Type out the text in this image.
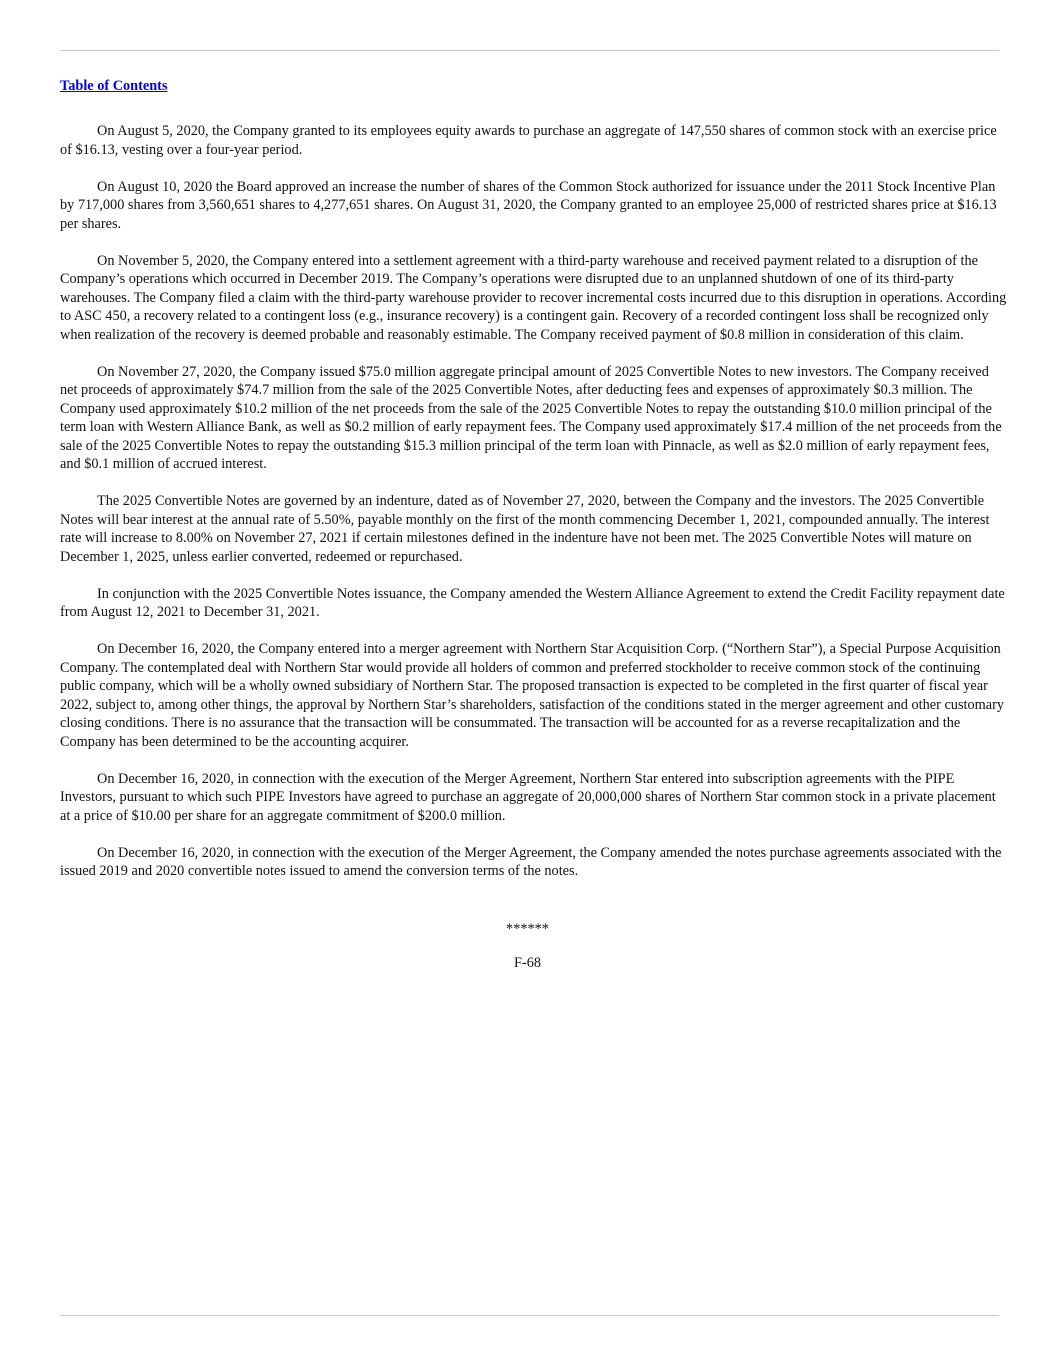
Table of Contents

On August 5, 2020, the Company granted to its employees equity awards to purchase an aggregate of 147,550 shares of common stock with an exercise price of $16.13, vesting over a four-year period.

On August 10, 2020 the Board approved an increase the number of shares of the Common Stock authorized for issuance under the 2011 Stock Incentive Plan by 717,000 shares from 3,560,651 shares to 4,277,651 shares. On August 31, 2020, the Company granted to an employee 25,000 of restricted shares price at $16.13 per shares.

On November 5, 2020, the Company entered into a settlement agreement with a third-party warehouse and received payment related to a disruption of the Company’s operations which occurred in December 2019. The Company’s operations were disrupted due to an unplanned shutdown of one of its third-party warehouses. The Company filed a claim with the third-party warehouse provider to recover incremental costs incurred due to this disruption in operations. According to ASC 450, a recovery related to a contingent loss (e.g., insurance recovery) is a contingent gain. Recovery of a recorded contingent loss shall be recognized only when realization of the recovery is deemed probable and reasonably estimable. The Company received payment of $0.8 million in consideration of this claim.

On November 27, 2020, the Company issued $75.0 million aggregate principal amount of 2025 Convertible Notes to new investors. The Company received net proceeds of approximately $74.7 million from the sale of the 2025 Convertible Notes, after deducting fees and expenses of approximately $0.3 million. The Company used approximately $10.2 million of the net proceeds from the sale of the 2025 Convertible Notes to repay the outstanding $10.0 million principal of the term loan with Western Alliance Bank, as well as $0.2 million of early repayment fees. The Company used approximately $17.4 million of the net proceeds from the sale of the 2025 Convertible Notes to repay the outstanding $15.3 million principal of the term loan with Pinnacle, as well as $2.0 million of early repayment fees, and $0.1 million of accrued interest.

The 2025 Convertible Notes are governed by an indenture, dated as of November 27, 2020, between the Company and the investors. The 2025 Convertible Notes will bear interest at the annual rate of 5.50%, payable monthly on the first of the month commencing December 1, 2021, compounded annually. The interest rate will increase to 8.00% on November 27, 2021 if certain milestones defined in the indenture have not been met. The 2025 Convertible Notes will mature on December 1, 2025, unless earlier converted, redeemed or repurchased.

In conjunction with the 2025 Convertible Notes issuance, the Company amended the Western Alliance Agreement to extend the Credit Facility repayment date from August 12, 2021 to December 31, 2021.

On December 16, 2020, the Company entered into a merger agreement with Northern Star Acquisition Corp. (“Northern Star”), a Special Purpose Acquisition Company. The contemplated deal with Northern Star would provide all holders of common and preferred stockholder to receive common stock of the continuing public company, which will be a wholly owned subsidiary of Northern Star. The proposed transaction is expected to be completed in the first quarter of fiscal year 2022, subject to, among other things, the approval by Northern Star’s shareholders, satisfaction of the conditions stated in the merger agreement and other customary closing conditions. There is no assurance that the transaction will be consummated. The transaction will be accounted for as a reverse recapitalization and the Company has been determined to be the accounting acquirer.

On December 16, 2020, in connection with the execution of the Merger Agreement, Northern Star entered into subscription agreements with the PIPE Investors, pursuant to which such PIPE Investors have agreed to purchase an aggregate of 20,000,000 shares of Northern Star common stock in a private placement at a price of $10.00 per share for an aggregate commitment of $200.0 million.

On December 16, 2020, in connection with the execution of the Merger Agreement, the Company amended the notes purchase agreements associated with the issued 2019 and 2020 convertible notes issued to amend the conversion terms of the notes.

******
F-68
